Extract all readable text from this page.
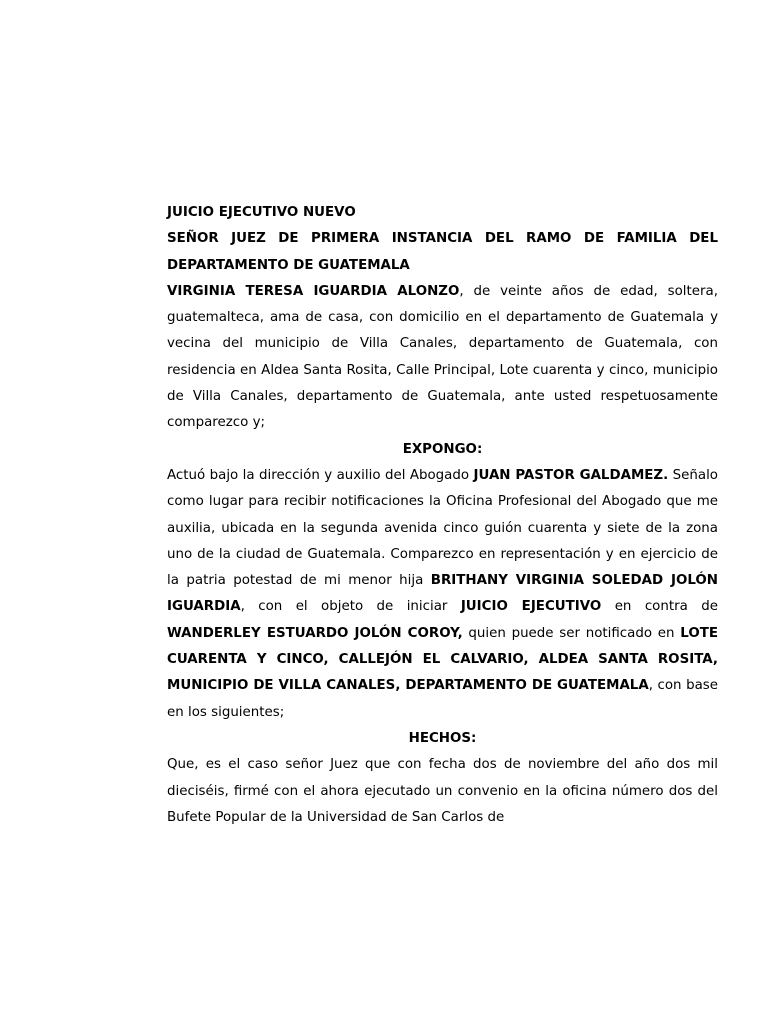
JUICIO EJECUTIVO NUEVO

SEÑOR JUEZ DE PRIMERA INSTANCIA DEL RAMO DE FAMILIA DEL DEPARTAMENTO DE GUATEMALA

VIRGINIA TERESA IGUARDIA ALONZO, de veinte años de edad, soltera, guatemalteca, ama de casa, con domicilio en el departamento de Guatemala y vecina del municipio de Villa Canales, departamento de Guatemala, con residencia en Aldea Santa Rosita, Calle Principal, Lote cuarenta y cinco, municipio de Villa Canales, departamento de Guatemala, ante usted respetuosamente comparezco y;

EXPONGO:

Actuó bajo la dirección y auxilio del Abogado JUAN PASTOR GALDAMEZ. Señalo como lugar para recibir notificaciones la Oficina Profesional del Abogado que me auxilia, ubicada en la segunda avenida cinco guión cuarenta y siete de la zona uno de la ciudad de Guatemala. Comparezco en representación y en ejercicio de la patria potestad de mi menor hija BRITHANY VIRGINIA SOLEDAD JOLÓN IGUARDIA, con el objeto de iniciar JUICIO EJECUTIVO en contra de WANDERLEY ESTUARDO JOLÓN COROY, quien puede ser notificado en LOTE CUARENTA Y CINCO, CALLEJÓN EL CALVARIO, ALDEA SANTA ROSITA, MUNICIPIO DE VILLA CANALES, DEPARTAMENTO DE GUATEMALA, con base en los siguientes;

HECHOS:

Que, es el caso señor Juez que con fecha dos de noviembre del año dos mil dieciséis, firmé con el ahora ejecutado un convenio en la oficina número dos del Bufete Popular de la Universidad de San Carlos de
